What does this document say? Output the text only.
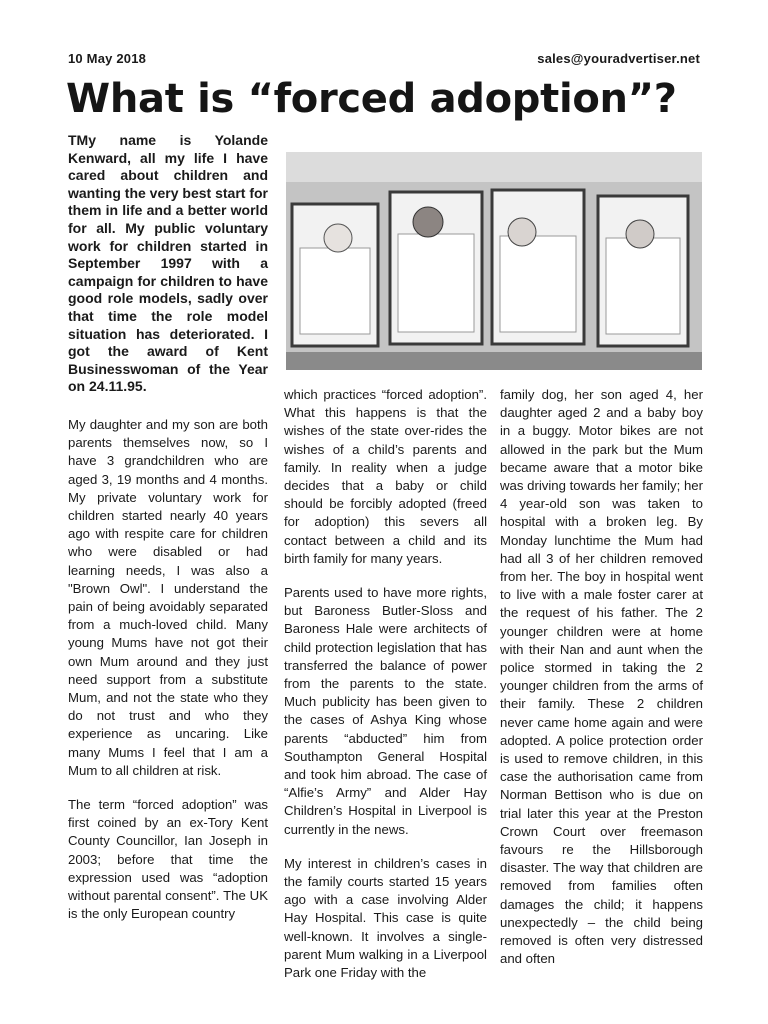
10 May 2018	sales@youradvertiser.net
What is “forced adoption”?

TMy name is Yolande Kenward, all my life I have cared about children and wanting the very best start for them in life and a better world for all. My public voluntary work for children started in September 1997 with a campaign for children to have good role models, sadly over that time the role model situation has deteriorated. I got the award of Kent Businesswoman of the Year on 24.11.95.

My daughter and my son are both parents themselves now, so I have 3 grandchildren who are aged 3, 19 months and 4 months. My private voluntary work for children started nearly 40 years ago with respite care for children who were disabled or had learning needs, I was also a "Brown Owl". I understand the pain of being avoidably separated from a much-loved child. Many young Mums have not got their own Mum around and they just need support from a substitute Mum, and not the state who they do not trust and who they experience as uncaring. Like many Mums I feel that I am a Mum to all children at risk.

The term “forced adoption” was first coined by an ex-Tory Kent County Councillor, Ian Joseph in 2003; before that time the expression used was “adoption without parental consent”. The UK is the only European country

which practices “forced adoption”. What this happens is that the wishes of the state over-rides the wishes of a child’s parents and family. In reality when a judge decides that a baby or child should be forcibly adopted (freed for adoption) this severs all contact between a child and its birth family for many years.

Parents used to have more rights, but Baroness Butler-Sloss and Baroness Hale were architects of child protection legislation that has transferred the balance of power from the parents to the state. Much publicity has been given to the cases of Ashya King whose parents “abducted” him from Southampton General Hospital and took him abroad. The case of “Alfie’s Army” and Alder Hay Children’s Hospital in Liverpool is currently in the news.

My interest in children’s cases in the family courts started 15 years ago with a case involving Alder Hay Hospital. This case is quite well-known. It involves a single-parent Mum walking in a Liverpool Park one Friday with the

family dog, her son aged 4, her daughter aged 2 and a baby boy in a buggy. Motor bikes are not allowed in the park but the Mum became aware that a motor bike was driving towards her family; her 4 year-old son was taken to hospital with a broken leg. By Monday lunchtime the Mum had had all 3 of her children removed from her. The boy in hospital went to live with a male foster carer at the request of his father. The 2 younger children were at home with their Nan and aunt when the police stormed in taking the 2 younger children from the arms of their family. These 2 children never came home again and were adopted. A police protection order is used to remove children, in this case the authorisation came from Norman Bettison who is due on trial later this year at the Preston Crown Court over freemason favours re the Hillsborough disaster. The way that children are removed from families often damages the child; it happens unexpectedly – the child being removed is often very distressed and often
